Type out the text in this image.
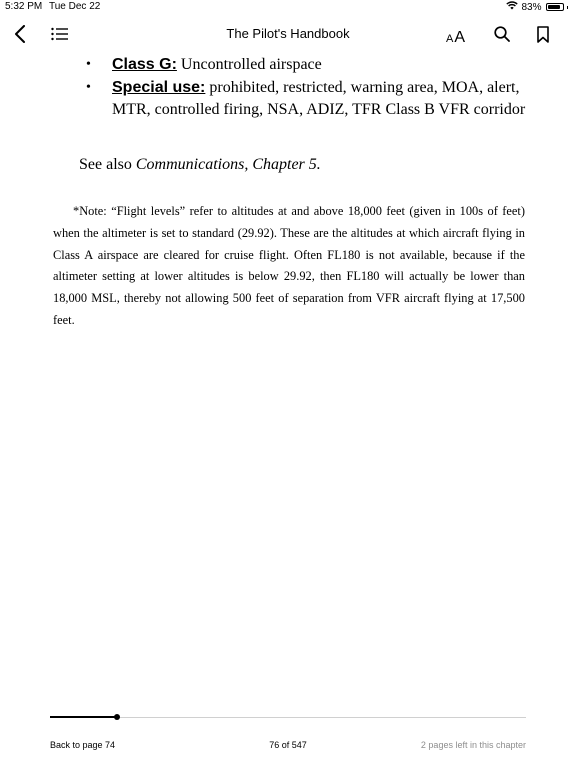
5:32 PM Tue Dec 22	83%
The Pilot's Handbook	A A
• Class G: Uncontrolled airspace
• Special use: prohibited, restricted, warning area, MOA, alert, MTR, controlled firing, NSA, ADIZ, TFR Class B VFR corridor
See also Communications, Chapter 5.
*Note: “Flight levels” refer to altitudes at and above 18,000 feet (given in 100s of feet) when the altimeter is set to standard (29.92). These are the altitudes at which aircraft flying in Class A airspace are cleared for cruise flight. Often FL180 is not available, because if the altimeter setting at lower altitudes is below 29.92, then FL180 will actually be lower than 18,000 MSL, thereby not allowing 500 feet of separation from VFR aircraft flying at 17,500 feet.
Back to page 74	76 of 547	2 pages left in this chapter
